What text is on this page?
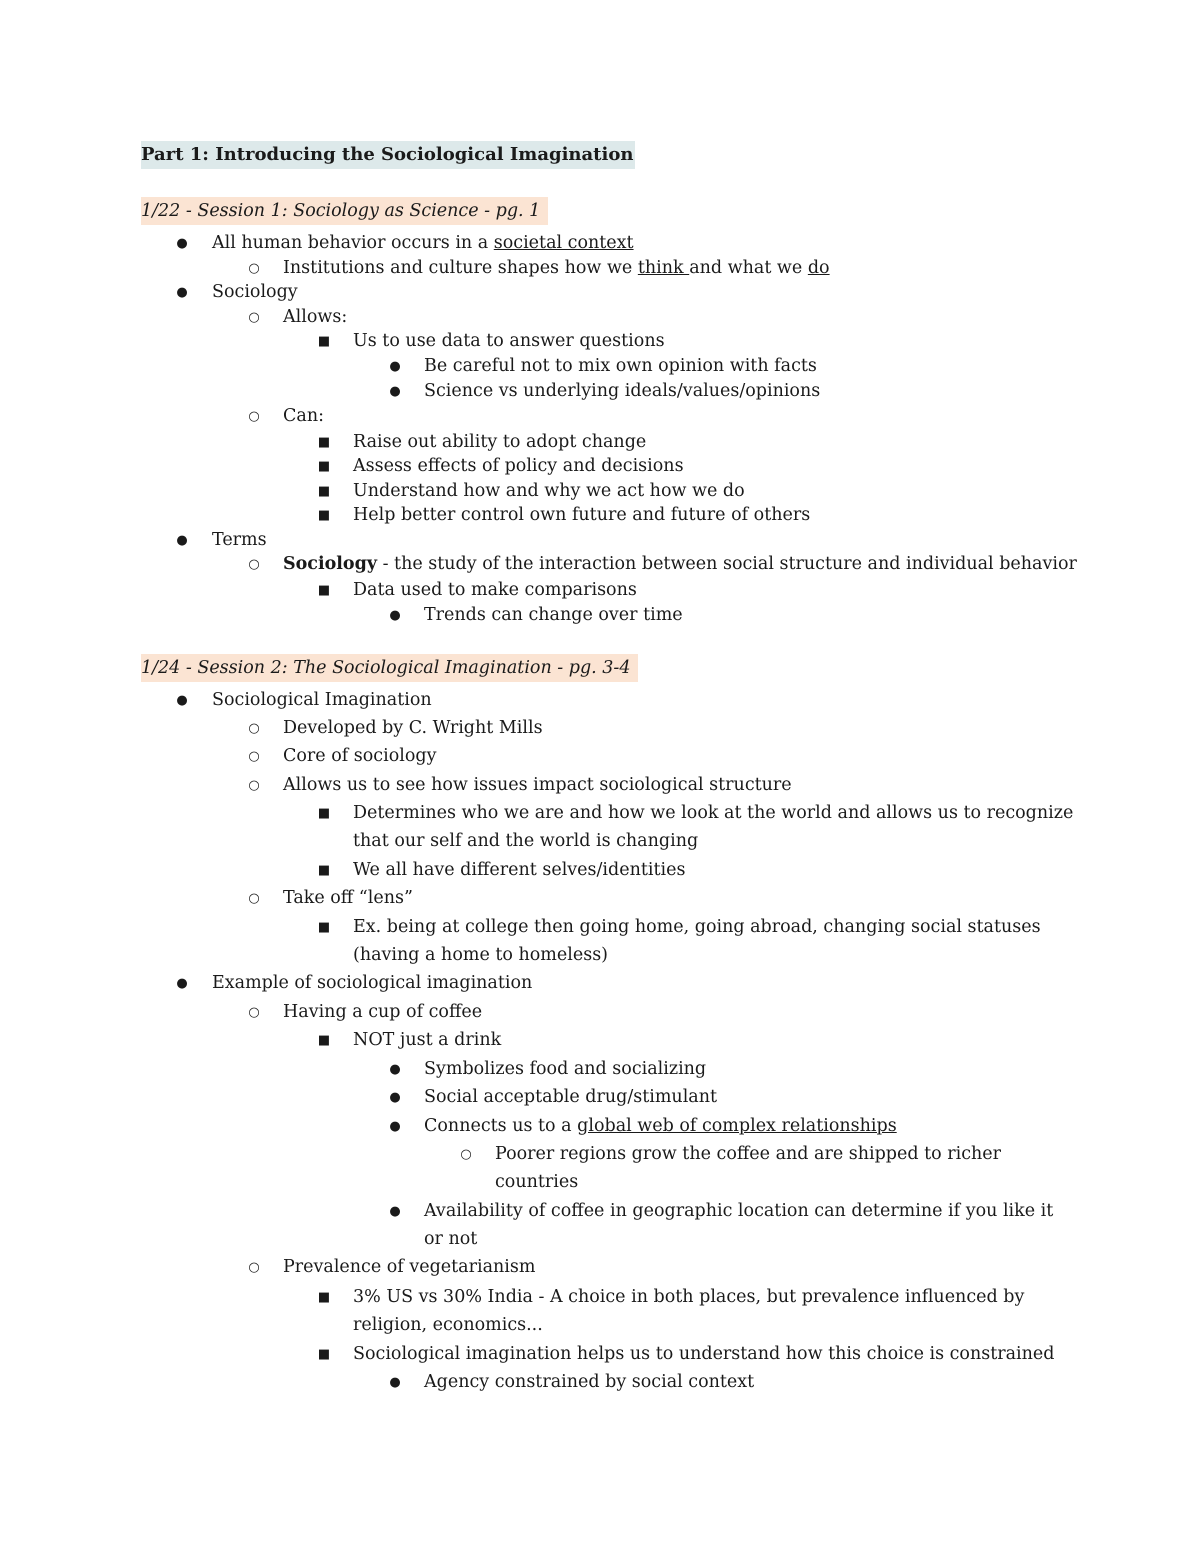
Part 1: Introducing the Sociological Imagination
1/22 - Session 1: Sociology as Science - pg. 1
● All human behavior occurs in a societal context
○ Institutions and culture shapes how we think and what we do
● Sociology
○ Allows:
■ Us to use data to answer questions
● Be careful not to mix own opinion with facts
● Science vs underlying ideals/values/opinions
○ Can:
■ Raise out ability to adopt change
■ Assess effects of policy and decisions
■ Understand how and why we act how we do
■ Help better control own future and future of others
● Terms
○ Sociology - the study of the interaction between social structure and individual behavior
■ Data used to make comparisons
● Trends can change over time
1/24 - Session 2: The Sociological Imagination - pg. 3-4
● Sociological Imagination
○ Developed by C. Wright Mills
○ Core of sociology
○ Allows us to see how issues impact sociological structure
■ Determines who we are and how we look at the world and allows us to recognize
that our self and the world is changing
■ We all have different selves/identities
○ Take off “lens”
■ Ex. being at college then going home, going abroad, changing social statuses
(having a home to homeless)
● Example of sociological imagination
○ Having a cup of coffee
■ NOT just a drink
● Symbolizes food and socializing
● Social acceptable drug/stimulant
● Connects us to a global web of complex relationships
○ Poorer regions grow the coffee and are shipped to richer
countries
● Availability of coffee in geographic location can determine if you like it
or not
○ Prevalence of vegetarianism
■ 3% US vs 30% India - A choice in both places, but prevalence influenced by
religion, economics...
■ Sociological imagination helps us to understand how this choice is constrained
● Agency constrained by social context
